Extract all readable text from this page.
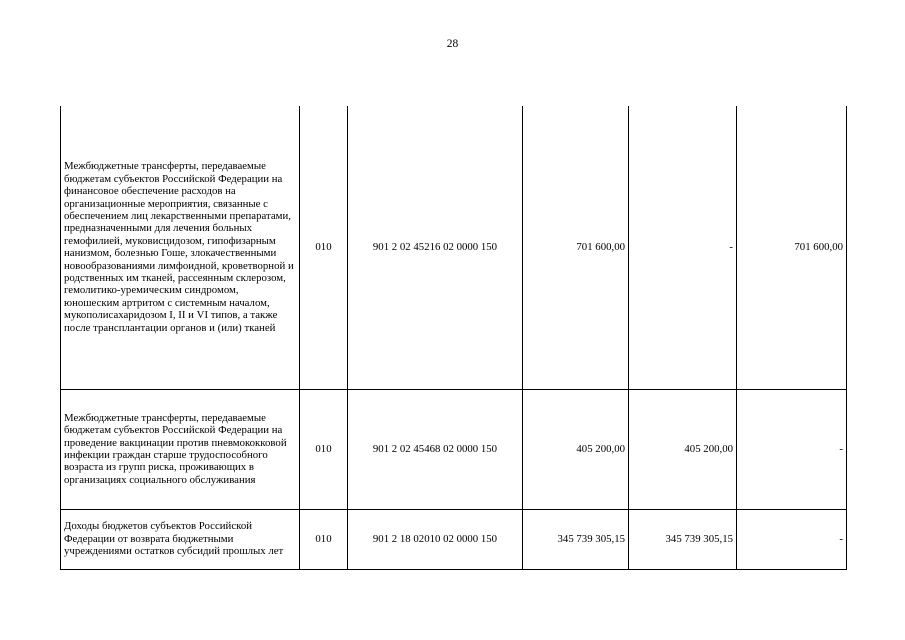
28
Межбюджетные трансферты, передаваемые бюджетам субъектов Российской Федерации на финансовое обеспечение расходов на организационные мероприятия, связанные с обеспечением лиц лекарственными препаратами, предназначенными для лечения больных гемофилией, муковисцидозом, гипофизарным нанизмом, болезнью Гоше, злокачественными новообразованиями лимфоидной, кроветворной и родственных им тканей, рассеянным склерозом, гемолитико-уремическим синдромом, юношеским артритом с системным началом, мукополисахаридозом I, II и VI типов, а также после трансплантации органов и (или) тканей	010	901 2 02 45216 02 0000 150	701 600,00	-	701 600,00
Межбюджетные трансферты, передаваемые бюджетам субъектов Российской Федерации на проведение вакцинации против пневмококковой инфекции граждан старше трудоспособного возраста из групп риска, проживающих в организациях социального обслуживания	010	901 2 02 45468 02 0000 150	405 200,00	405 200,00	-
Доходы бюджетов субъектов Российской Федерации от возврата бюджетными учреждениями остатков субсидий прошлых лет	010	901 2 18 02010 02 0000 150	345 739 305,15	345 739 305,15	-
